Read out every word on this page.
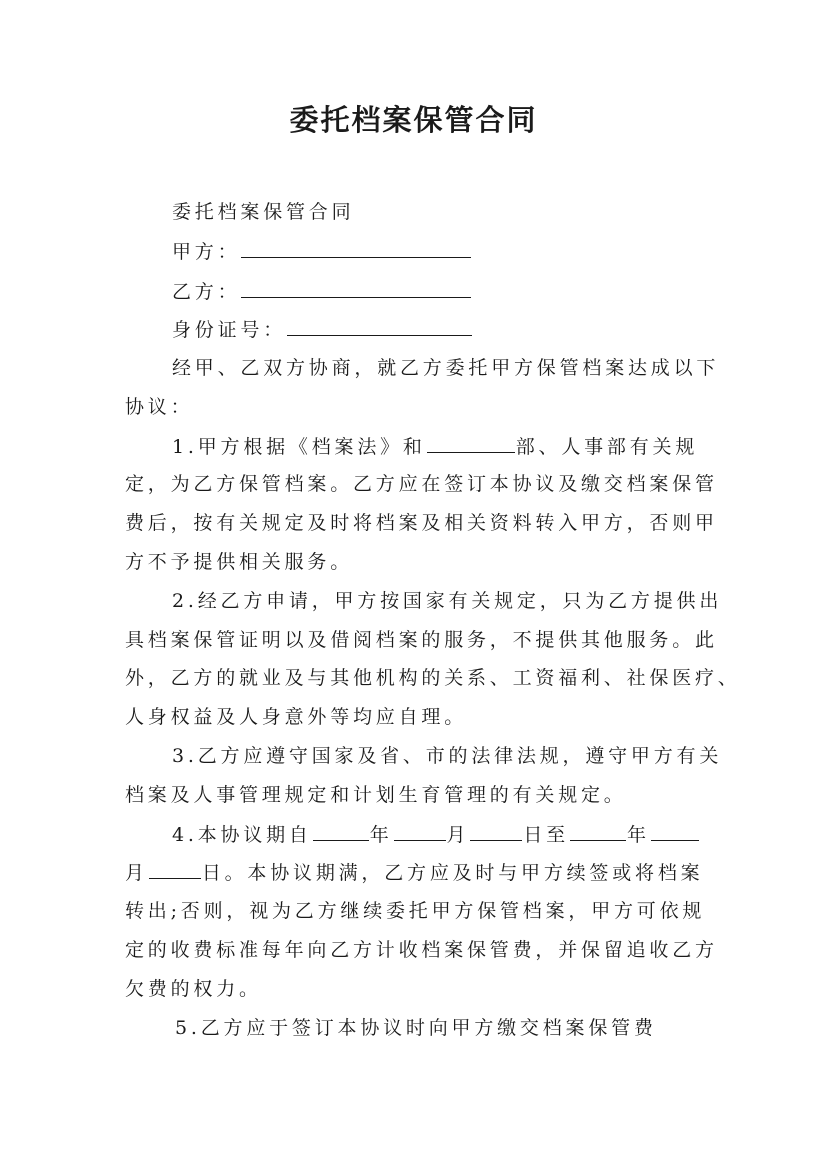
委托档案保管合同
委托档案保管合同
甲方：
乙方：
身份证号：
经甲、乙双方协商，就乙方委托甲方保管档案达成以下
协议：
1.甲方根据《档案法》和	部、人事部有关规
定，为乙方保管档案。乙方应在签订本协议及缴交档案保管
费后，按有关规定及时将档案及相关资料转入甲方，否则甲
方不予提供相关服务。
2.经乙方申请，甲方按国家有关规定，只为乙方提供出
具档案保管证明以及借阅档案的服务，不提供其他服务。此
外，乙方的就业及与其他机构的关系、工资福利、社保医疗、
人身权益及人身意外等均应自理。
3.乙方应遵守国家及省、市的法律法规，遵守甲方有关
档案及人事管理规定和计划生育管理的有关规定。
4.本协议期自	年	月	日至	年
月	日。本协议期满，乙方应及时与甲方续签或将档案
转出;否则，视为乙方继续委托甲方保管档案，甲方可依规
定的收费标准每年向乙方计收档案保管费，并保留追收乙方
欠费的权力。
5.乙方应于签订本协议时向甲方缴交档案保管费
